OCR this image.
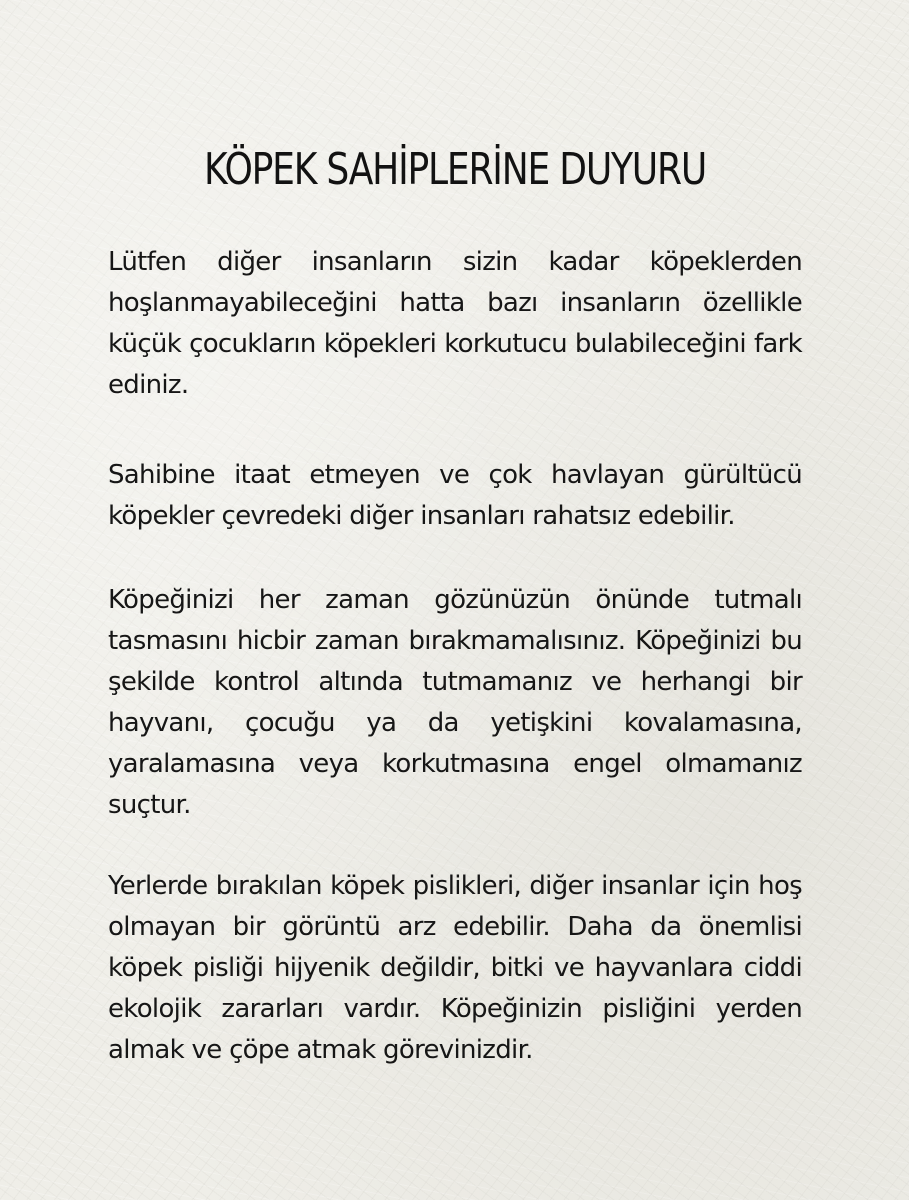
KÖPEK SAHİPLERİNE DUYURU

Lütfen diğer insanların sizin kadar köpeklerden hoşlanmayabileceğini hatta bazı insanların özellikle küçük çocukların köpekleri korkutucu bulabileceğini fark ediniz.

Sahibine itaat etmeyen ve çok havlayan gürültücü köpekler çevredeki diğer insanları rahatsız edebilir.

Köpeğinizi her zaman gözünüzün önünde tutmalı tasmasını hicbir zaman bırakmamalısınız. Köpeğinizi bu şekilde kontrol altında tutmamanız ve herhangi bir hayvanı, çocuğu ya da yetişkini kovalamasına, yaralamasına veya korkutmasına engel olmamanız suçtur.

Yerlerde bırakılan köpek pislikleri, diğer insanlar için hoş olmayan bir görüntü arz edebilir. Daha da önemlisi köpek pisliği hijyenik değildir, bitki ve hayvanlara ciddi ekolojik zararları vardır. Köpeğinizin pisliğini yerden almak ve çöpe atmak görevinizdir.
